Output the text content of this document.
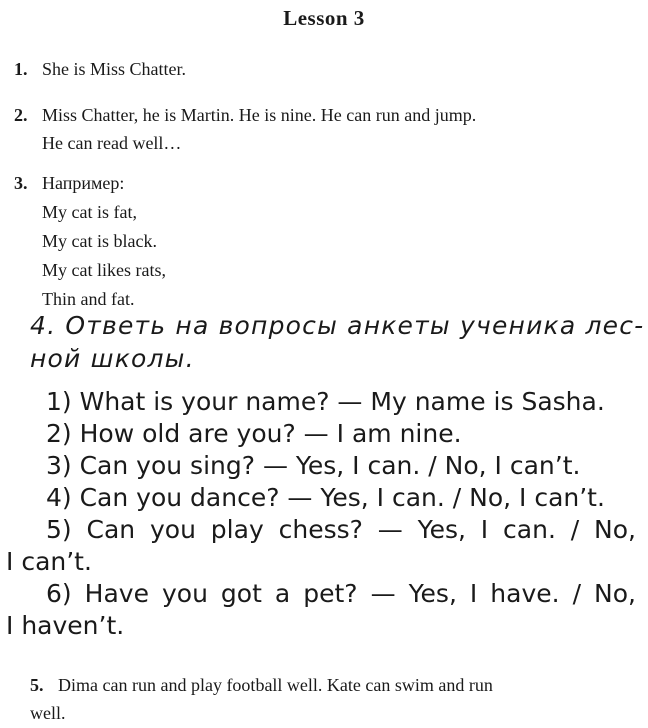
Lesson 3
1. She is Miss Chatter.
2. Miss Chatter, he is Martin. He is nine. He can run and jump.
He can read well…
3. Например:
My cat is fat,
My cat is black.
My cat likes rats,
Thin and fat.
4. Ответь на вопросы анкеты ученика лес-
ной школы.
1) What is your name? — My name is Sasha.
2) How old are you? — I am nine.
3) Can you sing? — Yes, I can. / No, I can’t.
4) Can you dance? — Yes, I can. / No, I can’t.
5) Can you play chess? — Yes, I can. / No,
I can’t.
6) Have you got a pet? — Yes, I have. / No,
I haven’t.
5. Dima can run and play football well. Kate can swim and run
well.
